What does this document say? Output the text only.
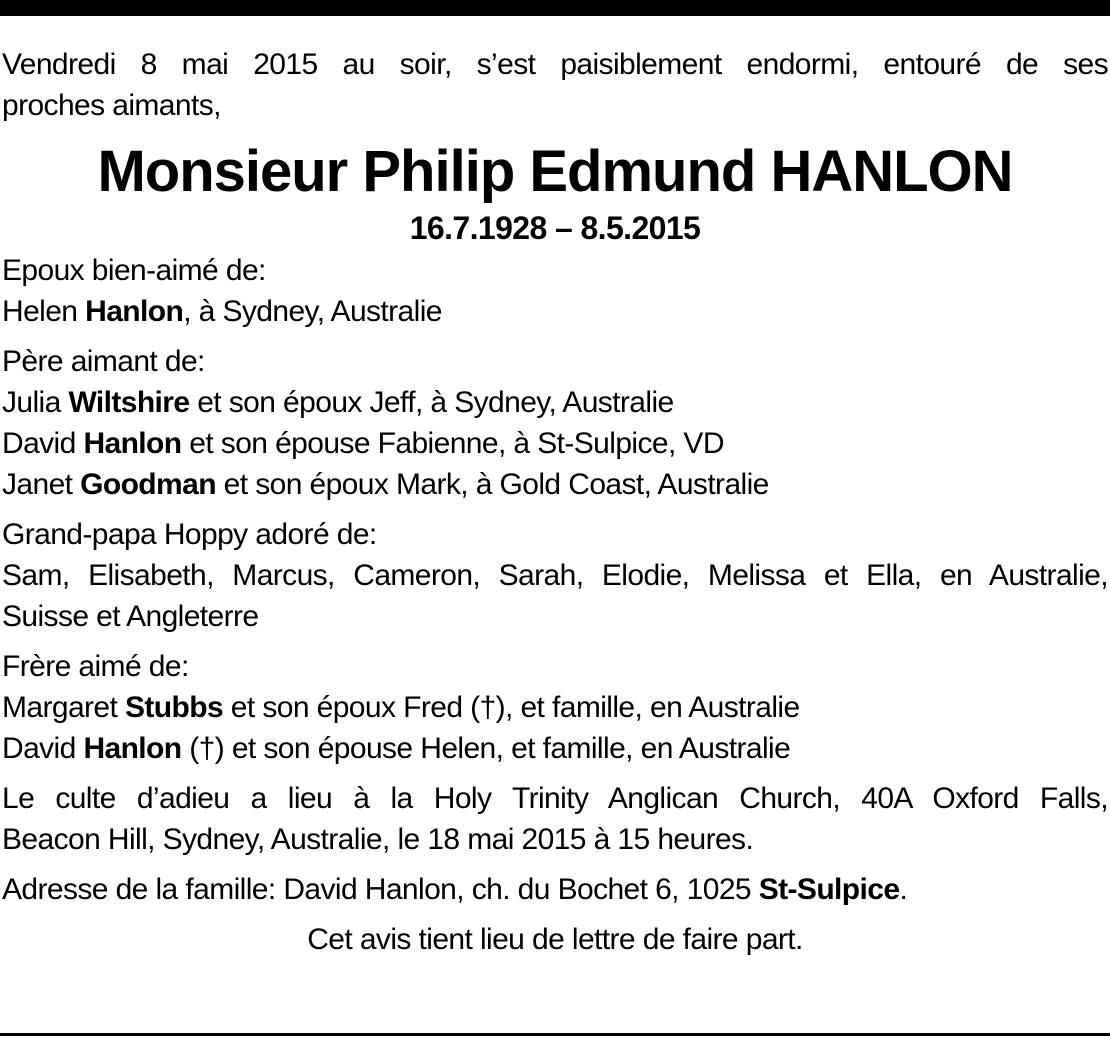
Vendredi 8 mai 2015 au soir, s’est paisiblement endormi, entouré de ses
proches aimants,
Monsieur Philip Edmund HANLON
16.7.1928 – 8.5.2015
Epoux bien-aimé de:
Helen Hanlon, à Sydney, Australie
Père aimant de:
Julia Wiltshire et son époux Jeff, à Sydney, Australie
David Hanlon et son épouse Fabienne, à St-Sulpice, VD
Janet Goodman et son époux Mark, à Gold Coast, Australie
Grand-papa Hoppy adoré de:
Sam, Elisabeth, Marcus, Cameron, Sarah, Elodie, Melissa et Ella, en Australie,
Suisse et Angleterre
Frère aimé de:
Margaret Stubbs et son époux Fred (†), et famille, en Australie
David Hanlon (†) et son épouse Helen, et famille, en Australie
Le culte d’adieu a lieu à la Holy Trinity Anglican Church, 40A Oxford Falls,
Beacon Hill, Sydney, Australie, le 18 mai 2015 à 15 heures.
Adresse de la famille: David Hanlon, ch. du Bochet 6, 1025 St-Sulpice.
Cet avis tient lieu de lettre de faire part.
